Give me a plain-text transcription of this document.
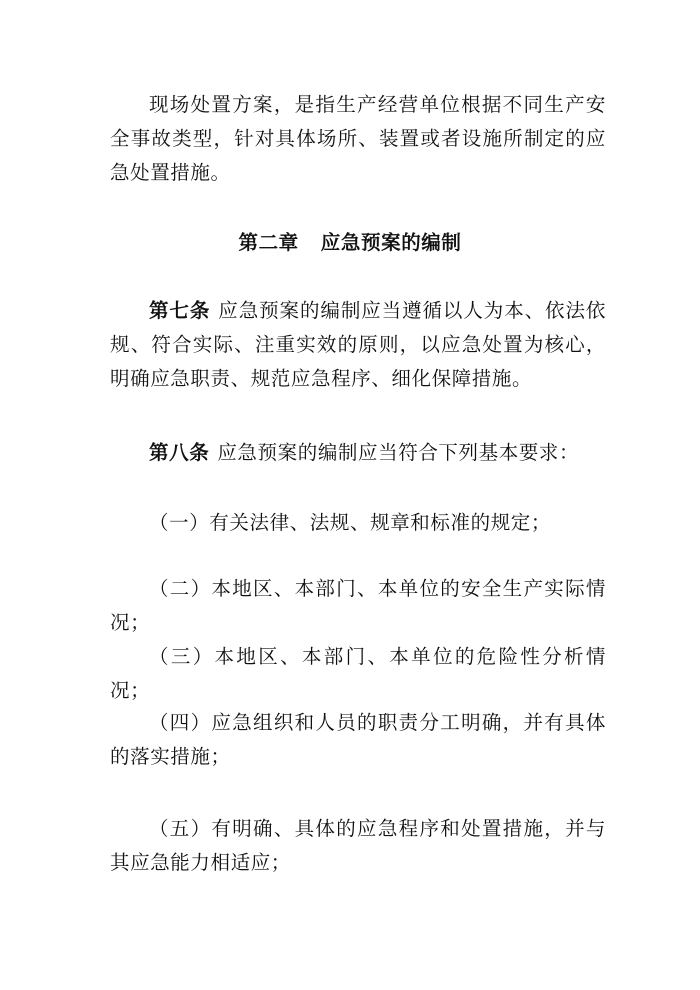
现场处置方案，是指生产经营单位根据不同生产安全事故类型，针对具体场所、装置或者设施所制定的应急处置措施。

第二章 应急预案的编制

第七条 应急预案的编制应当遵循以人为本、依法依规、符合实际、注重实效的原则，以应急处置为核心，明确应急职责、规范应急程序、细化保障措施。

第八条 应急预案的编制应当符合下列基本要求：

（一）有关法律、法规、规章和标准的规定；

（二）本地区、本部门、本单位的安全生产实际情况；

（三）本地区、本部门、本单位的危险性分析情况；

（四）应急组织和人员的职责分工明确，并有具体的落实措施；

（五）有明确、具体的应急程序和处置措施，并与其应急能力相适应；
